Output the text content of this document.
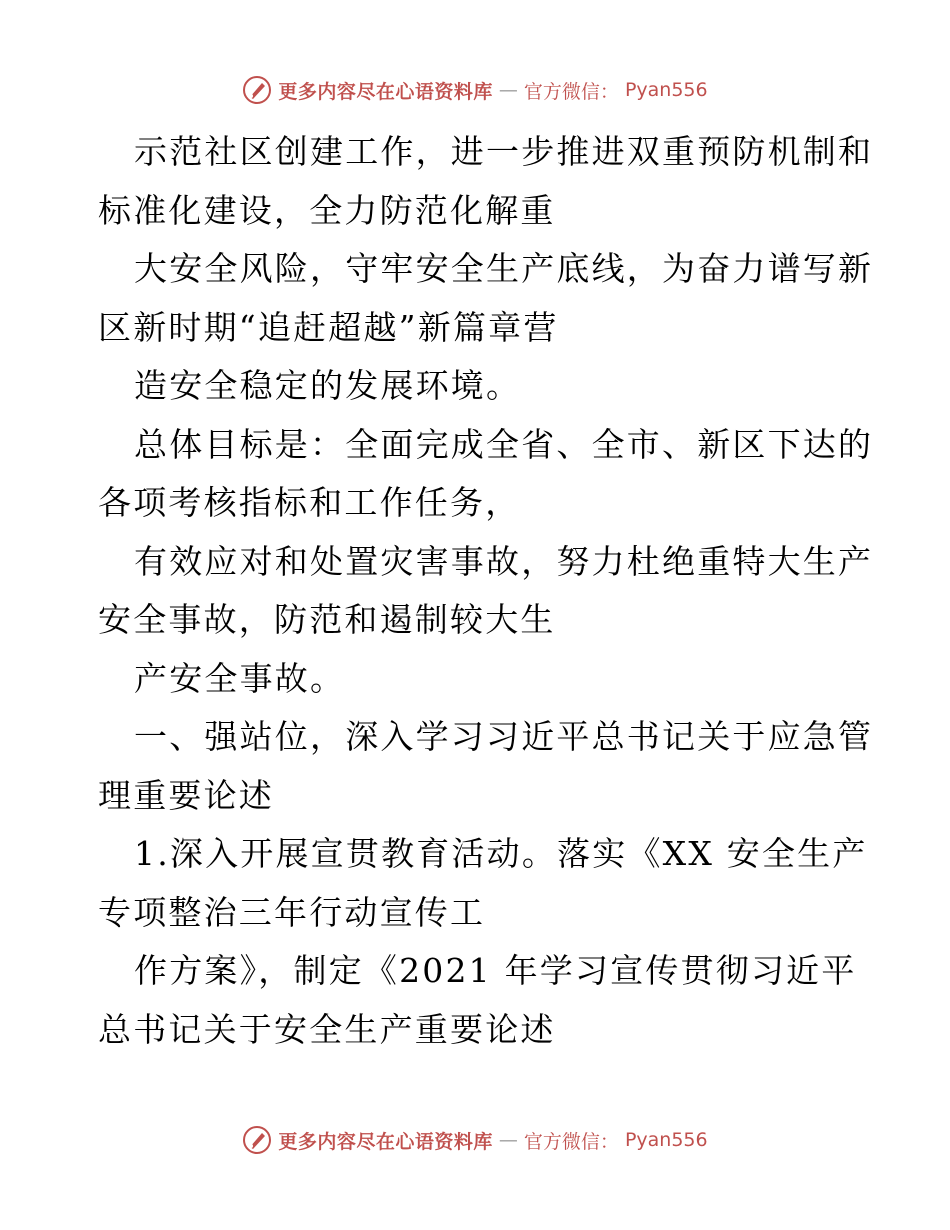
更多内容尽在心语资料库 — 官方微信： Pyan556
示范社区创建工作，进一步推进双重预防机制和
标准化建设，全力防范化解重
大安全风险，守牢安全生产底线，为奋力谱写新
区新时期“追赶超越”新篇章营
造安全稳定的发展环境。
总体目标是：全面完成全省、全市、新区下达的
各项考核指标和工作任务，
有效应对和处置灾害事故，努力杜绝重特大生产
安全事故，防范和遏制较大生
产安全事故。
一、强站位，深入学习习近平总书记关于应急管
理重要论述
1.深入开展宣贯教育活动。落实《XX 安全生产
专项整治三年行动宣传工
作方案》，制定《2021 年学习宣传贯彻习近平
总书记关于安全生产重要论述
更多内容尽在心语资料库 — 官方微信： Pyan556
